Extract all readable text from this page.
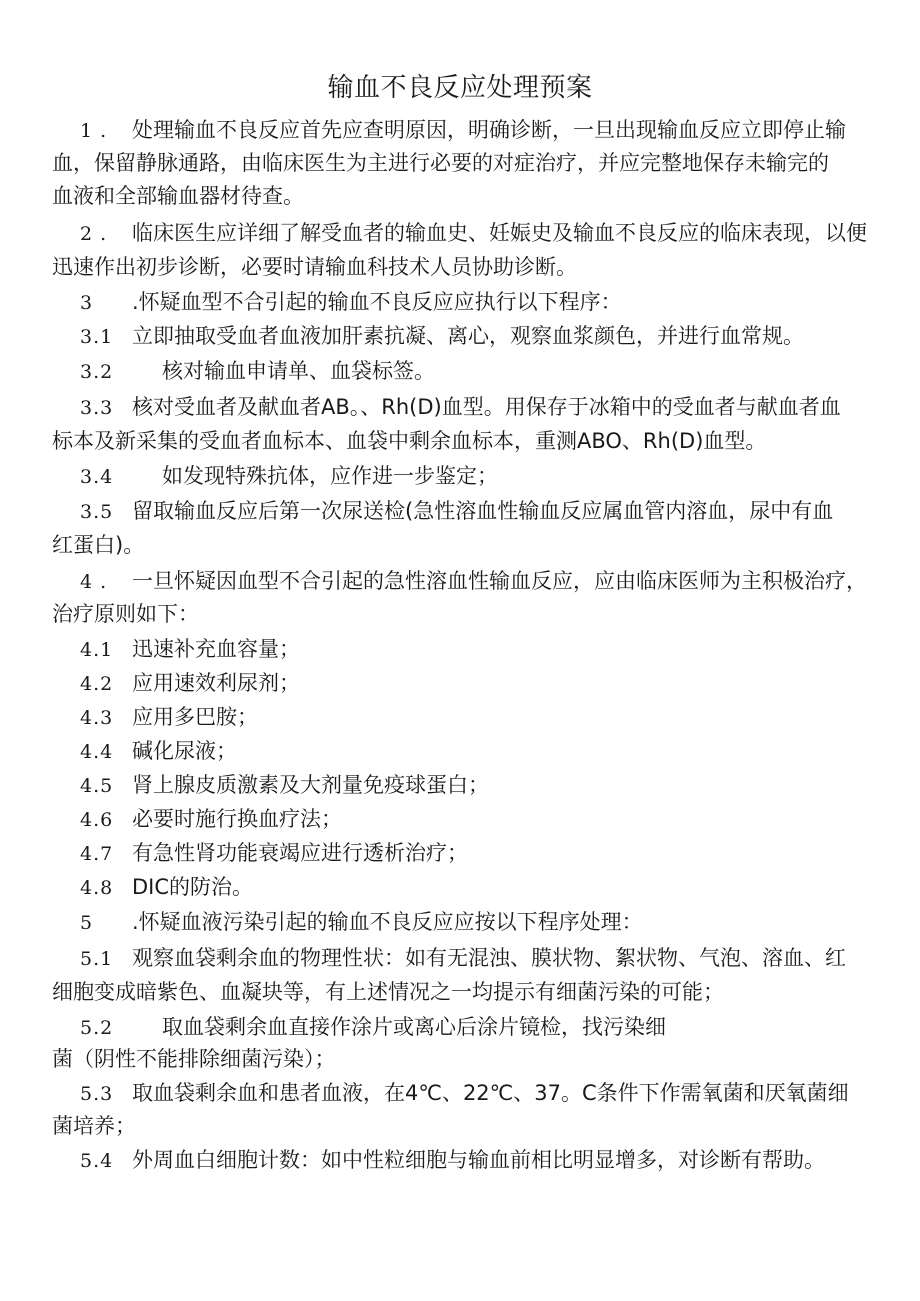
输血不良反应处理预案
1 . 处理输血不良反应首先应查明原因，明确诊断，一旦出现输血反应立即停止输
血，保留静脉通路，由临床医生为主进行必要的对症治疗，并应完整地保存未输完的
血液和全部输血器材待查。
2 . 临床医生应详细了解受血者的输血史、妊娠史及输血不良反应的临床表现，以便
迅速作出初步诊断，必要时请输血科技术人员协助诊断。
3 .怀疑血型不合引起的输血不良反应应执行以下程序：
3.1 立即抽取受血者血液加肝素抗凝、离心，观察血浆颜色，并进行血常规。
3.2 核对输血申请单、血袋标签。
3.3 核对受血者及献血者AB。、Rh(D)血型。用保存于冰箱中的受血者与献血者血
标本及新采集的受血者血标本、血袋中剩余血标本，重测ABO、Rh(D)血型。
3.4 如发现特殊抗体，应作进一步鉴定；
3.5 留取输血反应后第一次尿送检(急性溶血性输血反应属血管内溶血，尿中有血
红蛋白)。
4 . 一旦怀疑因血型不合引起的急性溶血性输血反应，应由临床医师为主积极治疗，
治疗原则如下：
4.1 迅速补充血容量；
4.2 应用速效利尿剂；
4.3 应用多巴胺；
4.4 碱化尿液；
4.5 肾上腺皮质激素及大剂量免疫球蛋白；
4.6 必要时施行换血疗法；
4.7 有急性肾功能衰竭应进行透析治疗；
4.8 DIC的防治。
5 .怀疑血液污染引起的输血不良反应应按以下程序处理：
5.1 观察血袋剩余血的物理性状：如有无混浊、膜状物、絮状物、气泡、溶血、红
细胞变成暗紫色、血凝块等，有上述情况之一均提示有细菌污染的可能；
5.2 取血袋剩余血直接作涂片或离心后涂片镜检，找污染细
菌（阴性不能排除细菌污染）；
5.3 取血袋剩余血和患者血液，在4℃、22℃、37。C条件下作需氧菌和厌氧菌细
菌培养；
5.4 外周血白细胞计数：如中性粒细胞与输血前相比明显增多，对诊断有帮助。
